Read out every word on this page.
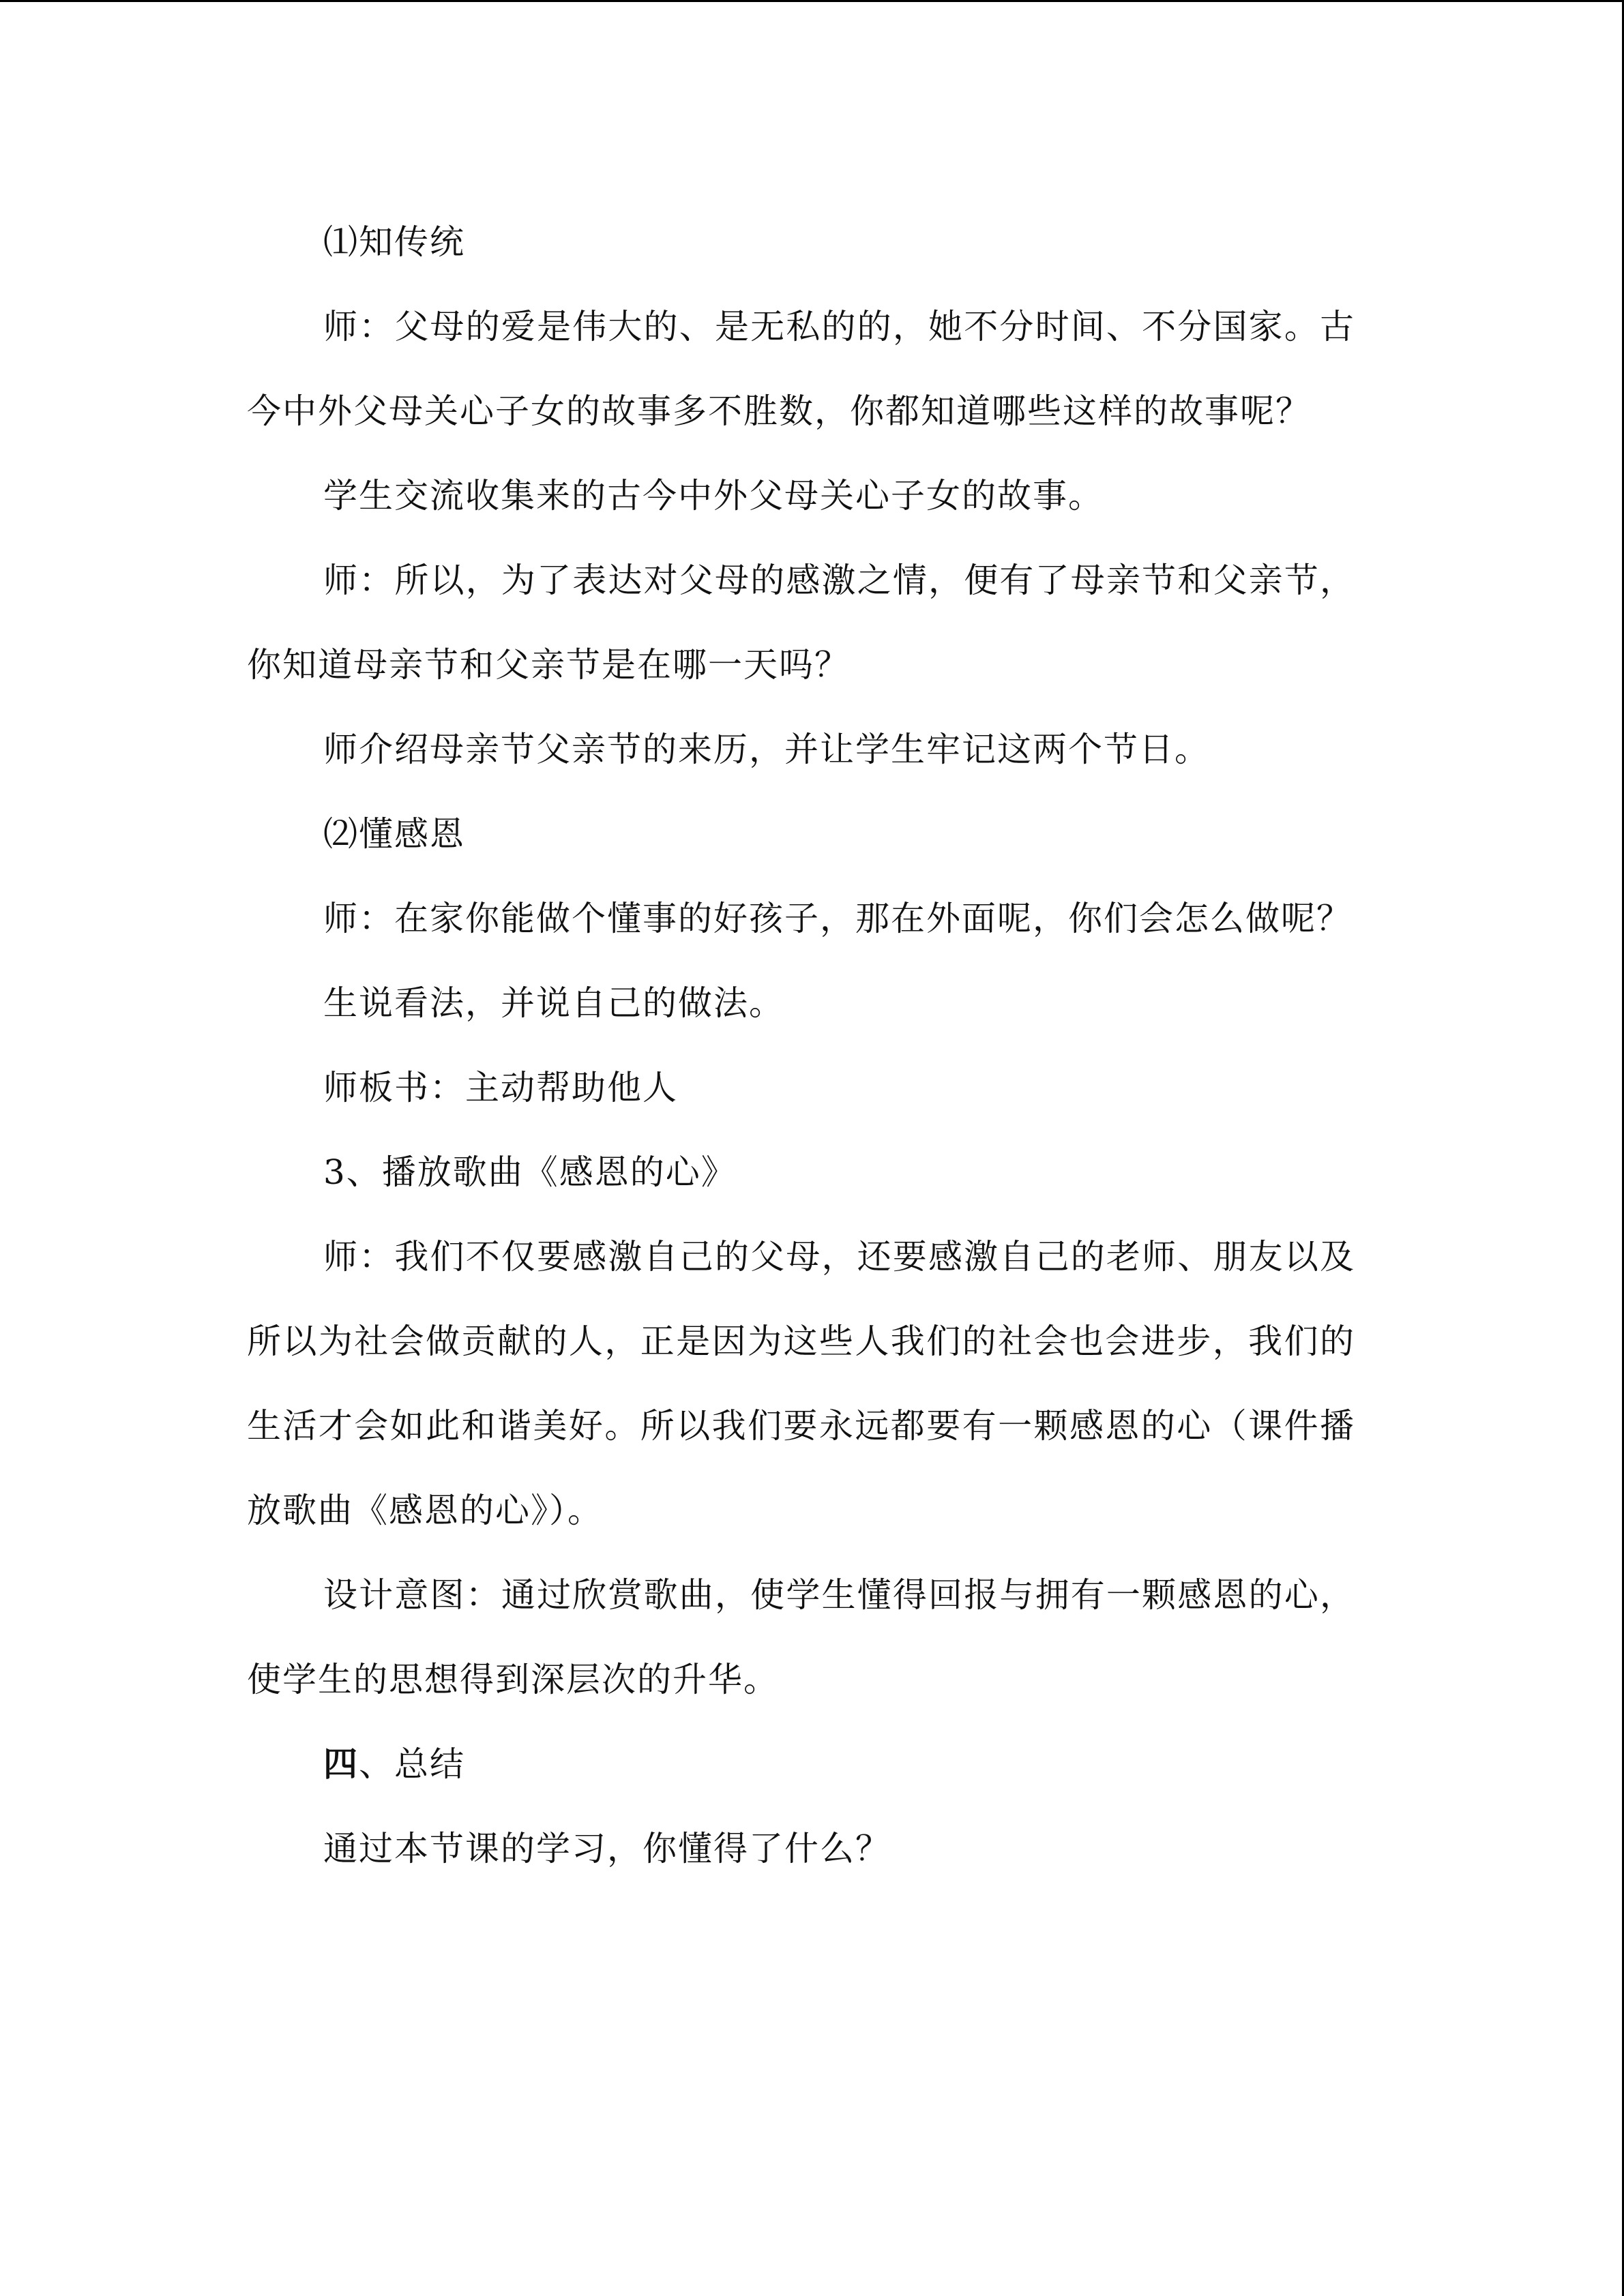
⑴知传统

师：父母的爱是伟大的、是无私的的，她不分时间、不分国家。古今中外父母关心子女的故事多不胜数，你都知道哪些这样的故事呢？

学生交流收集来的古今中外父母关心子女的故事。

师：所以，为了表达对父母的感激之情，便有了母亲节和父亲节，你知道母亲节和父亲节是在哪一天吗？

师介绍母亲节父亲节的来历，并让学生牢记这两个节日。

⑵懂感恩

师：在家你能做个懂事的好孩子，那在外面呢，你们会怎么做呢？

生说看法，并说自己的做法。

师板书：主动帮助他人

3、播放歌曲《感恩的心》

师：我们不仅要感激自己的父母，还要感激自己的老师、朋友以及所以为社会做贡献的人，正是因为这些人我们的社会也会进步，我们的生活才会如此和谐美好。所以我们要永远都要有一颗感恩的心（课件播放歌曲《感恩的心》）。

设计意图：通过欣赏歌曲，使学生懂得回报与拥有一颗感恩的心，使学生的思想得到深层次的升华。

四、总结

通过本节课的学习，你懂得了什么？
